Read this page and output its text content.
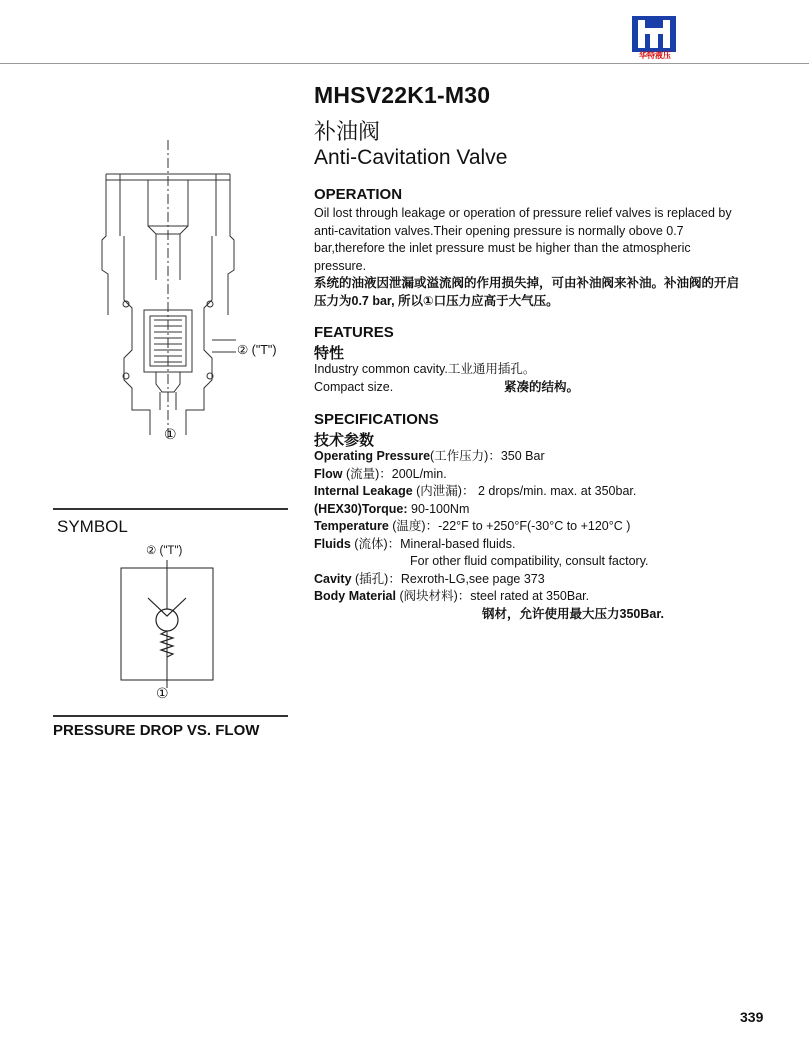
华特液压
MHSV22K1-M30
补油阀
Anti-Cavitation Valve
OPERATION
Oil lost through leakage or operation of pressure relief valves is replaced by
anti-cavitation valves.Their opening pressure is normally obove 0.7
bar,therefore the inlet pressure must be higher than the atmospheric
pressure.
系统的油液因泄漏或溢流阀的作用损失掉，可由补油阀来补油。补油阀的开启
压力为0.7 bar, 所以①口压力应高于大气压。
FEATURES
特性
Industry common cavity.工业通用插孔。
Compact size.	紧凑的结构。
SPECIFICATIONS
技术参数
Operating Pressure(工作压力)：350 Bar
Flow (流量)：200L/min.
Internal Leakage (内泄漏)： 2 drops/min. max. at 350bar.
(HEX30)Torque: 90-100Nm
Temperature (温度)：-22°F to +250°F(-30°C to +120°C )
Fluids (流体)：Mineral-based fluids.
For other fluid compatibility, consult factory.
Cavity (插孔)：Rexroth-LG,see page 373
Body Material (阀块材料)：steel rated at 350Bar.
钢材，允许使用最大压力350Bar.
② ("T")
①
SYMBOL
② ("T")
①
PRESSURE DROP VS. FLOW
339
